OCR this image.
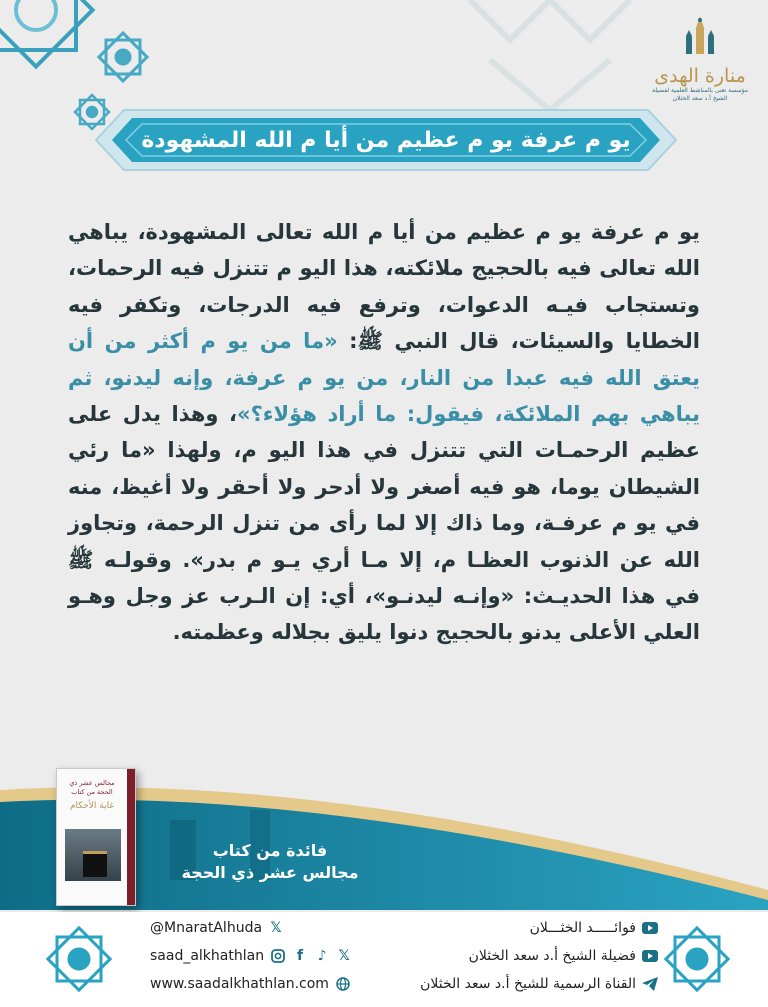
منارة الهدى
مؤسسة تعنى بالمناشط العلمية لفضيلة الشيخ أ.د سعد الخثلان
يو م عرفة يو م عظيم من أيا م الله المشهودة

يو م عرفة يو م عظيم من أيا م الله تعالى المشهودة، يباهي الله تعالى فيه بالحجيج ملائكته، هذا اليو م تتنزل فيه الرحمات، وتستجاب فيـه الدعوات، وترفع فيه الدرجات، وتكفر فيه الخطايا والسيئات، قال النبي ﷺ: «ما من يو م أكثر من أن يعتق الله فيه عبدا من النار، من يو م عرفة، وإنه ليدنو، ثم يباهي بهم الملائكة، فيقول: ما أراد هؤلاء؟»، وهذا يدل على عظيم الرحمـات التي تتنزل في هذا اليو م، ولهذا «ما رئي الشيطان يوما، هو فيه أصغر ولا أدحر ولا أحقر ولا أغيظ، منه في يو م عرفـة، وما ذاك إلا لما رأى من تنزل الرحمة، وتجاوز الله عن الذنوب العظـا م، إلا مـا أري يـو م بدر». وقولـه ﷺ في هذا الحديـث: «وإنـه ليدنـو»، أي: إن الـرب عز وجل وهـو العلي الأعلى يدنو بالحجيج دنوا يليق بجلاله وعظمته.

مجالس عشر ذي الحجة من كتاب
غاية الأحكام
فائدة من كتاب
مجالس عشر ذي الحجة
فوائـــــد الخثـــلان
فضيلة الشيخ أ.د سعد الخثلان
القناة الرسمية للشيخ أ.د سعد الخثلان
@MnaratAlhuda 𝕏
saad_alkhathlan	f	♪ 𝕏
www.saadalkhathlan.com
